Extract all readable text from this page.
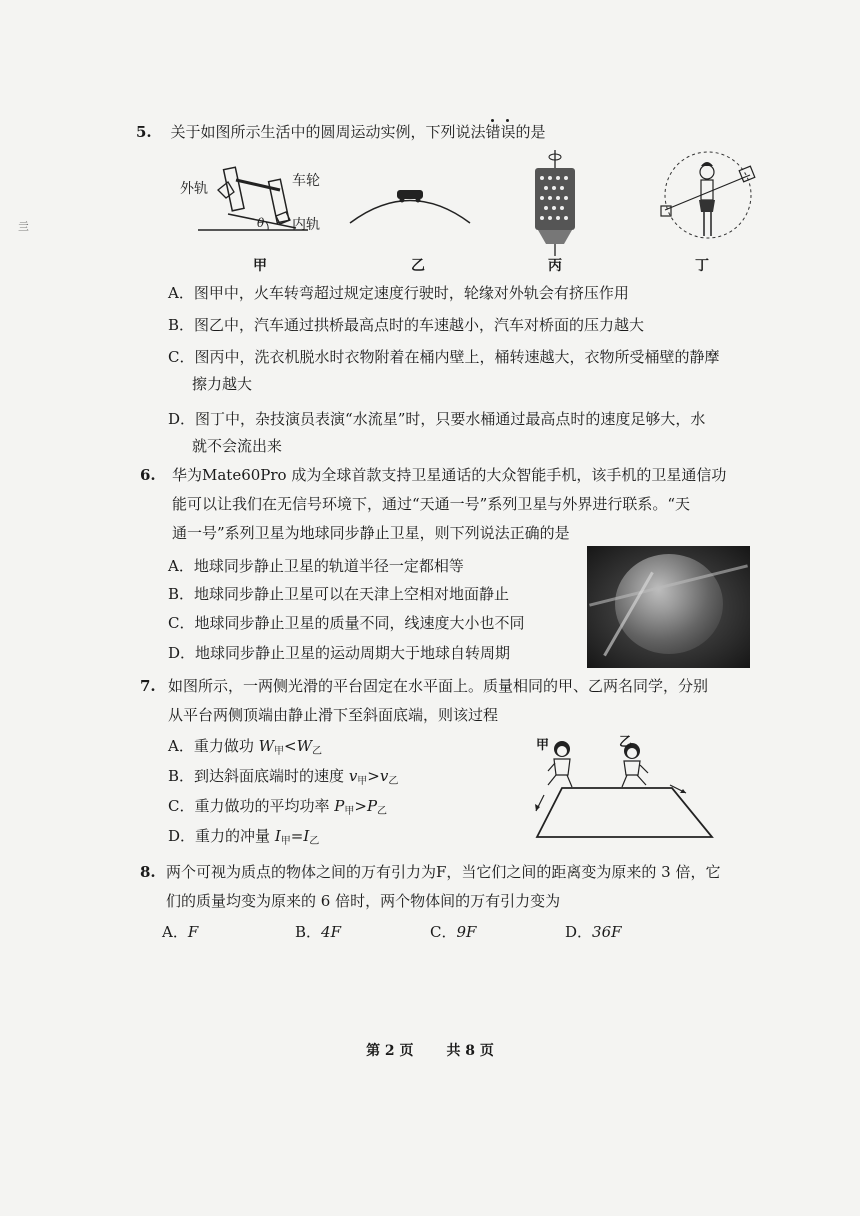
亖
5. 关于如图所示生活中的圆周运动实例，下列说法错误
的是
外轨	车轮
内轨
θ
甲	乙	丙	丁
A．图甲中，火车转弯超过规定速度行驶时，轮缘对外轨会有挤压作用
B．图乙中，汽车通过拱桥最高点时的车速越小，汽车对桥面的压力越大
C．图丙中，洗衣机脱水时衣物附着在桶内壁上，桶转速越大，衣物所受桶壁的静摩
擦力越大
D．图丁中，杂技演员表演“水流星”时，只要水桶通过最高点时的速度足够大，水
就不会流出来
6. 华为Mate60Pro 成为全球首款支持卫星通话的大众智能手机，该手机的卫星通信功
能可以让我们在无信号环境下，通过“天通一号”系列卫星与外界进行联系。“天
通一号”系列卫星为地球同步静止卫星，则下列说法正确的是
A．地球同步静止卫星的轨道半径一定都相等
B．地球同步静止卫星可以在天津上空相对地面静止
C．地球同步静止卫星的质量不同，线速度大小也不同
D．地球同步静止卫星的运动周期大于地球自转周期
7. 如图所示，一两侧光滑的平台固定在水平面上。质量相同的甲、乙两名同学，分别
从平台两侧顶端由静止滑下至斜面底端，则该过程
A．重力做功 $W_甲<W_乙$
B．到达斜面底端时的速度 $v_甲>v_乙$
C．重力做功的平均功率 $P_甲>P_乙$
D．重力的冲量 $I_甲=I_乙$
甲	乙
8. 两个可视为质点的物体之间的万有引力为F，当它们之间的距离变为原来的 3 倍，它
们的质量均变为原来的 6 倍时，两个物体间的万有引力变为
A．F	B．4F	C．9F	D．36F
第 2 页 共 8 页
